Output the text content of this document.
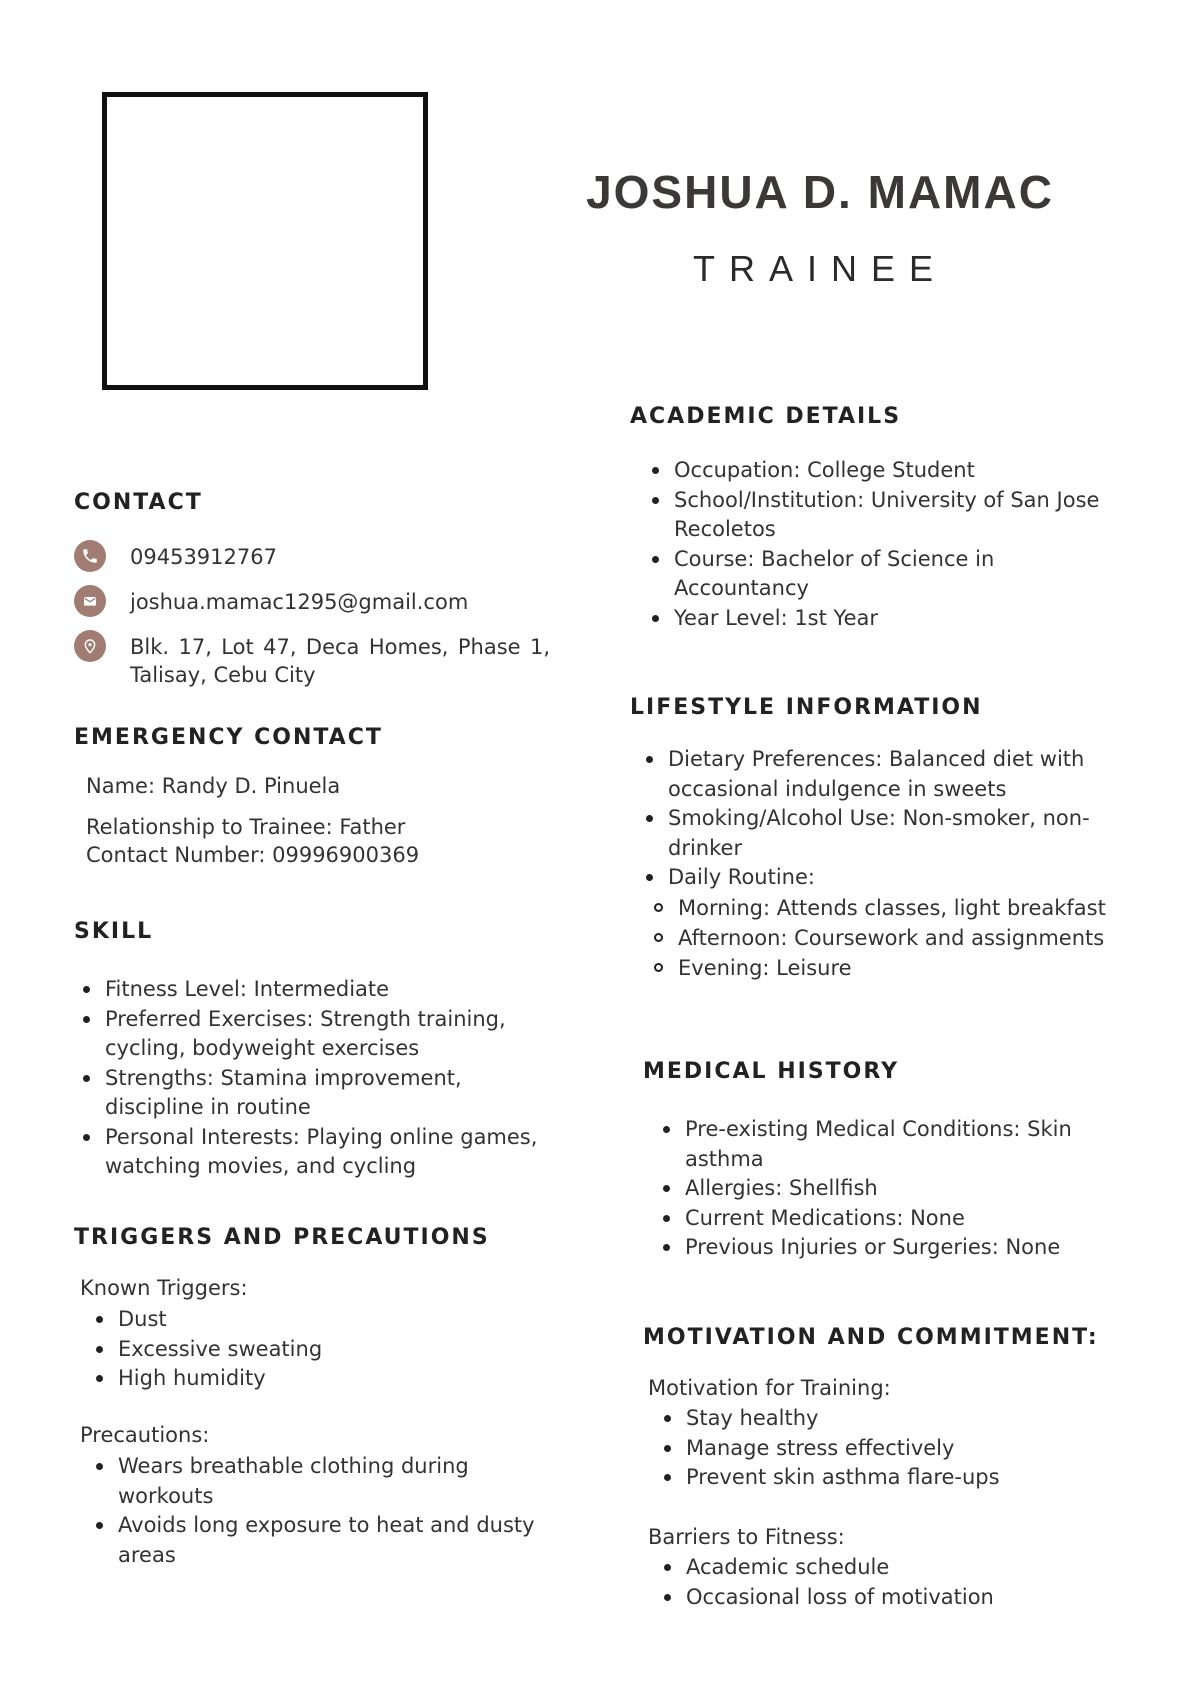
JOSHUA D. MAMAC
TRAINEE
CONTACT
09453912767
joshua.mamac1295@gmail.com
Blk. 17, Lot 47, Deca Homes, Phase 1, Talisay, Cebu City
EMERGENCY CONTACT
Name: Randy D. Pinuela
Relationship to Trainee: Father
Contact Number: 09996900369
SKILL
Fitness Level: Intermediate
Preferred Exercises: Strength training, cycling, bodyweight exercises
Strengths: Stamina improvement, discipline in routine
Personal Interests: Playing online games, watching movies, and cycling
TRIGGERS AND PRECAUTIONS
Known Triggers:
Dust
Excessive sweating
High humidity
Precautions:
Wears breathable clothing during workouts
Avoids long exposure to heat and dusty areas
ACADEMIC DETAILS
Occupation: College Student
School/Institution: University of San Jose Recoletos
Course: Bachelor of Science in Accountancy
Year Level: 1st Year
LIFESTYLE INFORMATION
Dietary Preferences: Balanced diet with occasional indulgence in sweets
Smoking/Alcohol Use: Non-smoker, non-drinker
Daily Routine:
Morning: Attends classes, light breakfast
Afternoon: Coursework and assignments
Evening: Leisure
MEDICAL HISTORY
Pre-existing Medical Conditions: Skin asthma
Allergies: Shellfish
Current Medications: None
Previous Injuries or Surgeries: None
MOTIVATION AND COMMITMENT:
Motivation for Training:
Stay healthy
Manage stress effectively
Prevent skin asthma flare-ups
Barriers to Fitness:
Academic schedule
Occasional loss of motivation
